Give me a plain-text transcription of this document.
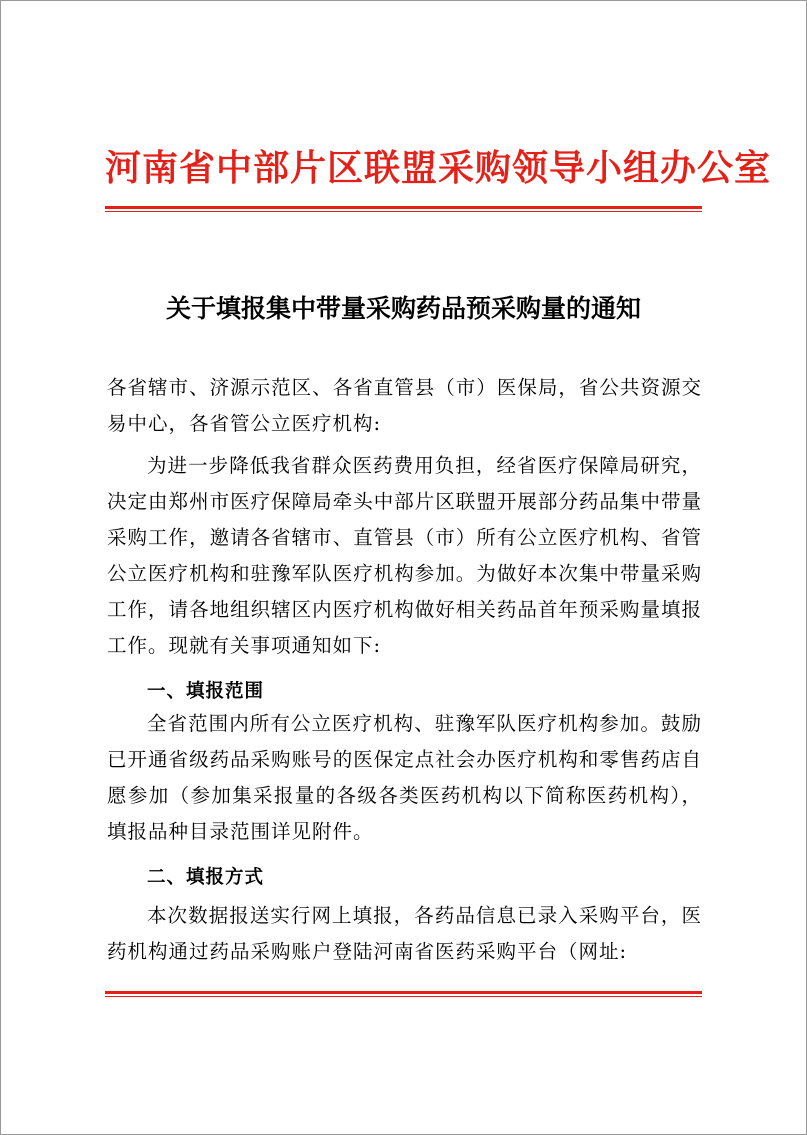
河南省中部片区联盟采购领导小组办公室
关于填报集中带量采购药品预采购量的通知
各省辖市、济源示范区、各省直管县（市）医保局，省公共资源交易中心，各省管公立医疗机构:
为进一步降低我省群众医药费用负担，经省医疗保障局研究，决定由郑州市医疗保障局牵头中部片区联盟开展部分药品集中带量采购工作，邀请各省辖市、直管县（市）所有公立医疗机构、省管公立医疗机构和驻豫军队医疗机构参加。为做好本次集中带量采购工作，请各地组织辖区内医疗机构做好相关药品首年预采购量填报工作。现就有关事项通知如下:
一、填报范围
全省范围内所有公立医疗机构、驻豫军队医疗机构参加。鼓励已开通省级药品采购账号的医保定点社会办医疗机构和零售药店自愿参加（参加集采报量的各级各类医药机构以下简称医药机构），填报品种目录范围详见附件。
二、填报方式
本次数据报送实行网上填报，各药品信息已录入采购平台，医药机构通过药品采购账户登陆河南省医药采购平台（网址:
